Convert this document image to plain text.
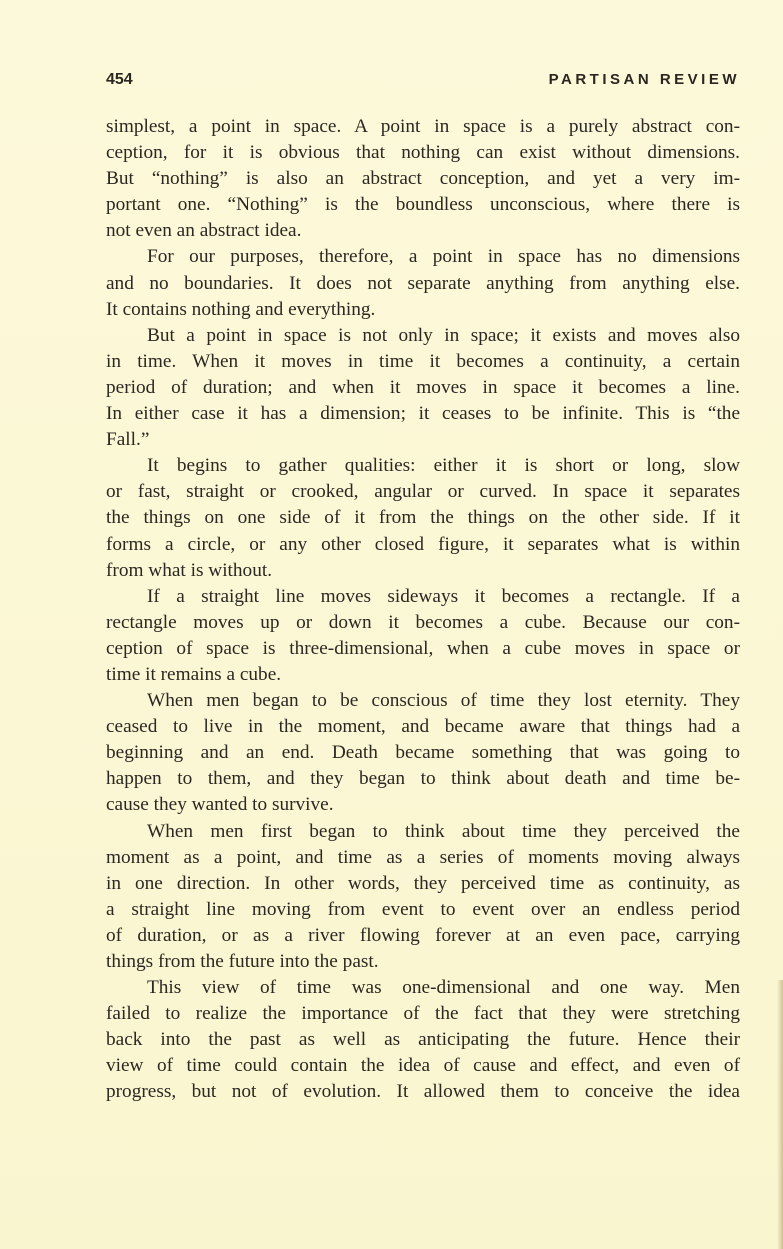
454	PARTISAN REVIEW
simplest, a point in space. A point in space is a purely abstract con-
ception, for it is obvious that nothing can exist without dimensions.
But “nothing” is also an abstract conception, and yet a very im-
portant one. “Nothing” is the boundless unconscious, where there is
not even an abstract idea.
For our purposes, therefore, a point in space has no dimensions
and no boundaries. It does not separate anything from anything else.
It contains nothing and everything.
But a point in space is not only in space; it exists and moves also
in time. When it moves in time it becomes a continuity, a certain
period of duration; and when it moves in space it becomes a line.
In either case it has a dimension; it ceases to be infinite. This is “the
Fall.”
It begins to gather qualities: either it is short or long, slow
or fast, straight or crooked, angular or curved. In space it separates
the things on one side of it from the things on the other side. If it
forms a circle, or any other closed figure, it separates what is within
from what is without.
If a straight line moves sideways it becomes a rectangle. If a
rectangle moves up or down it becomes a cube. Because our con-
ception of space is three-dimensional, when a cube moves in space or
time it remains a cube.
When men began to be conscious of time they lost eternity. They
ceased to live in the moment, and became aware that things had a
beginning and an end. Death became something that was going to
happen to them, and they began to think about death and time be-
cause they wanted to survive.
When men first began to think about time they perceived the
moment as a point, and time as a series of moments moving always
in one direction. In other words, they perceived time as continuity, as
a straight line moving from event to event over an endless period
of duration, or as a river flowing forever at an even pace, carrying
things from the future into the past.
This view of time was one-dimensional and one way. Men
failed to realize the importance of the fact that they were stretching
back into the past as well as anticipating the future. Hence their
view of time could contain the idea of cause and effect, and even of
progress, but not of evolution. It allowed them to conceive the idea
